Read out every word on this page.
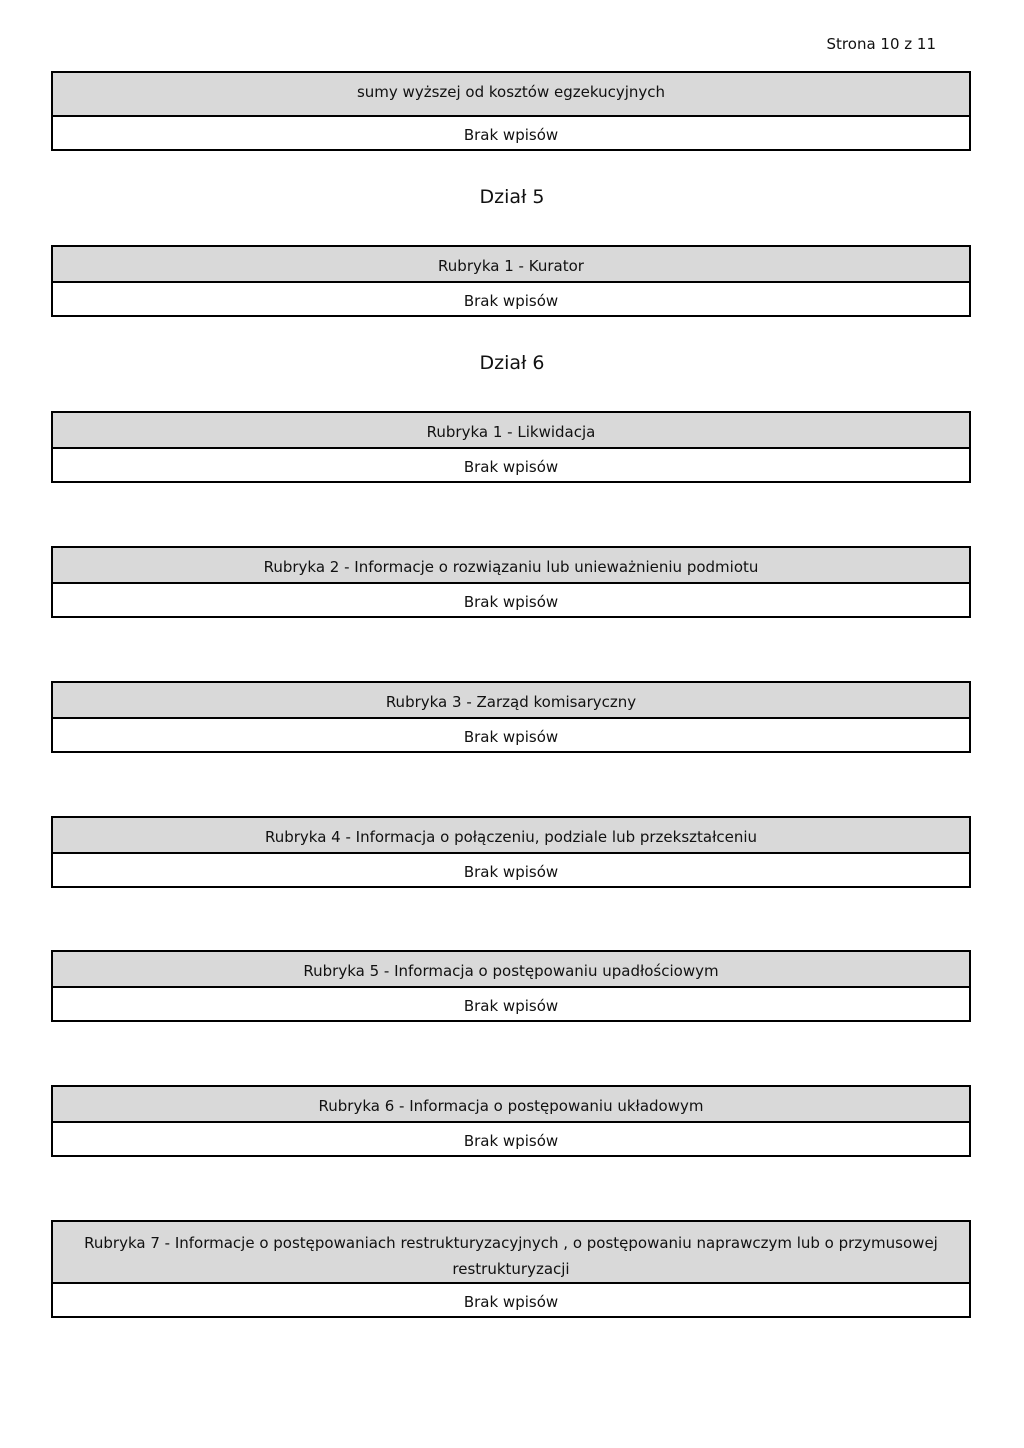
Strona 10 z 11
sumy wyższej od kosztów egzekucyjnych
Brak wpisów
Dział 5
Rubryka 1 - Kurator
Brak wpisów
Dział 6
Rubryka 1 - Likwidacja
Brak wpisów
Rubryka 2 - Informacje o rozwiązaniu lub unieważnieniu podmiotu
Brak wpisów
Rubryka 3 - Zarząd komisaryczny
Brak wpisów
Rubryka 4 - Informacja o połączeniu, podziale lub przekształceniu
Brak wpisów
Rubryka 5 - Informacja o postępowaniu upadłościowym
Brak wpisów
Rubryka 6 - Informacja o postępowaniu układowym
Brak wpisów
Rubryka 7 - Informacje o postępowaniach restrukturyzacyjnych , o postępowaniu naprawczym lub o przymusowej restrukturyzacji
Brak wpisów
